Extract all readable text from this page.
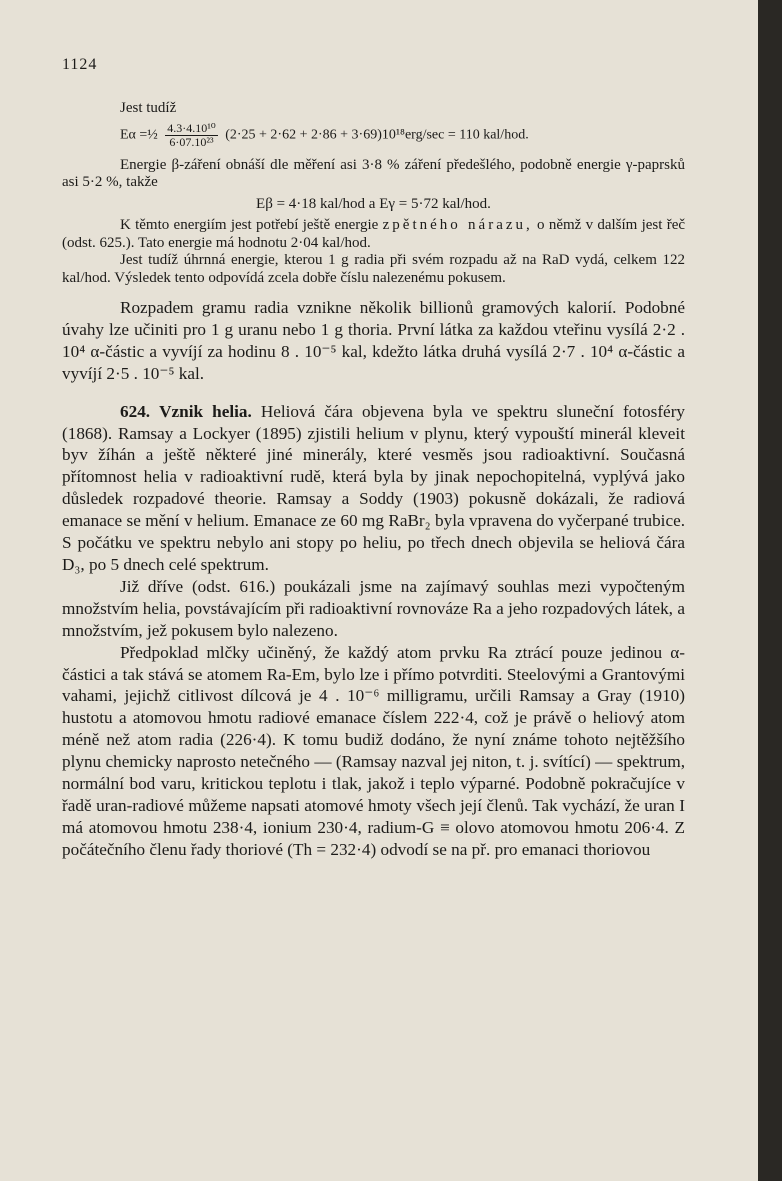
1124

Jest tudíž

Eα =½ $\frac{\text{4.3·4.10¹⁰}}{\text{6·07.10²³}} (2\cdot 25 + 2\cdot 62 + 2\cdot 86 + 3\cdot 69)10^{18}erg/\sec = 110$ kal/hod.

Energie β-záření obnáší dle měření asi 3·8 % záření předešlého, podobně energie γ-paprsků asi 5·2 %, takže

Eβ = 4·18 kal/hod a Eγ = 5·72 kal/hod.

K těmto energiím jest potřebí ještě energie zpětného nárazu, o němž v dalším jest řeč (odst. 625.). Tato energie má hodnotu 2·04 kal/hod.

Jest tudíž úhrnná energie, kterou 1 g radia při svém rozpadu až na RaD vydá, celkem 122 kal/hod. Výsledek tento odpovídá zcela dobře číslu nalezenému pokusem.

Rozpadem gramu radia vznikne několik billionů gramových kalorií. Podobné úvahy lze učiniti pro 1 g uranu nebo 1 g thoria. První látka za každou vteřinu vysílá 2·2 . 10⁴ α-částic a vyvíjí za hodinu 8 . 10⁻⁵ kal, kdežto látka druhá vysílá 2·7 . 10⁴ α-částic a vyvíjí 2·5 . 10⁻⁵ kal.

624. Vznik helia. Heliová čára objevena byla ve spektru sluneční fotosféry (1868). Ramsay a Lockyer (1895) zjistili helium v plynu, který vypouští minerál kleveit byv žíhán a ještě některé jiné minerály, které vesměs jsou radioaktivní. Současná přítomnost helia v radioaktivní rudě, která byla by jinak nepochopitelná, vyplývá jako důsledek rozpadové theorie. Ramsay a Soddy (1903) pokusně dokázali, že radiová emanace se mění v helium. Emanace ze 60 mg RaBr₂ byla vpravena do vyčerpané trubice. S počátku ve spektru nebylo ani stopy po heliu, po třech dnech objevila se heliová čára D₃, po 5 dnech celé spektrum.

Již dříve (odst. 616.) poukázali jsme na zajímavý souhlas mezi vypočteným množstvím helia, povstávajícím při radioaktivní rovnováze Ra a jeho rozpadových látek, a množstvím, jež pokusem bylo nalezeno.

Předpoklad mlčky učiněný, že každý atom prvku Ra ztrácí pouze jedinou α-částici a tak stává se atomem Ra-Em, bylo lze i přímo potvrditi. Steelovými a Grantovými vahami, jejichž citlivost dílcová je 4 . 10⁻⁶ milligramu, určili Ramsay a Gray (1910) hustotu a atomovou hmotu radiové emanace číslem 222·4, což je právě o heliový atom méně než atom radia (226·4). K tomu budiž dodáno, že nyní známe tohoto nejtěžšího plynu chemicky naprosto netečného — (Ramsay nazval jej niton, t. j. svítící) — spektrum, normální bod varu, kritickou teplotu i tlak, jakož i teplo výparné. Podobně pokračujíce v řadě uran-radiové můžeme napsati atomové hmoty všech její členů. Tak vychází, že uran I má atomovou hmotu 238·4, ionium 230·4, radium-G ≡ olovo atomovou hmotu 206·4. Z počátečního členu řady thoriové (Th = 232·4) odvodí se na př. pro emanaci thoriovou
